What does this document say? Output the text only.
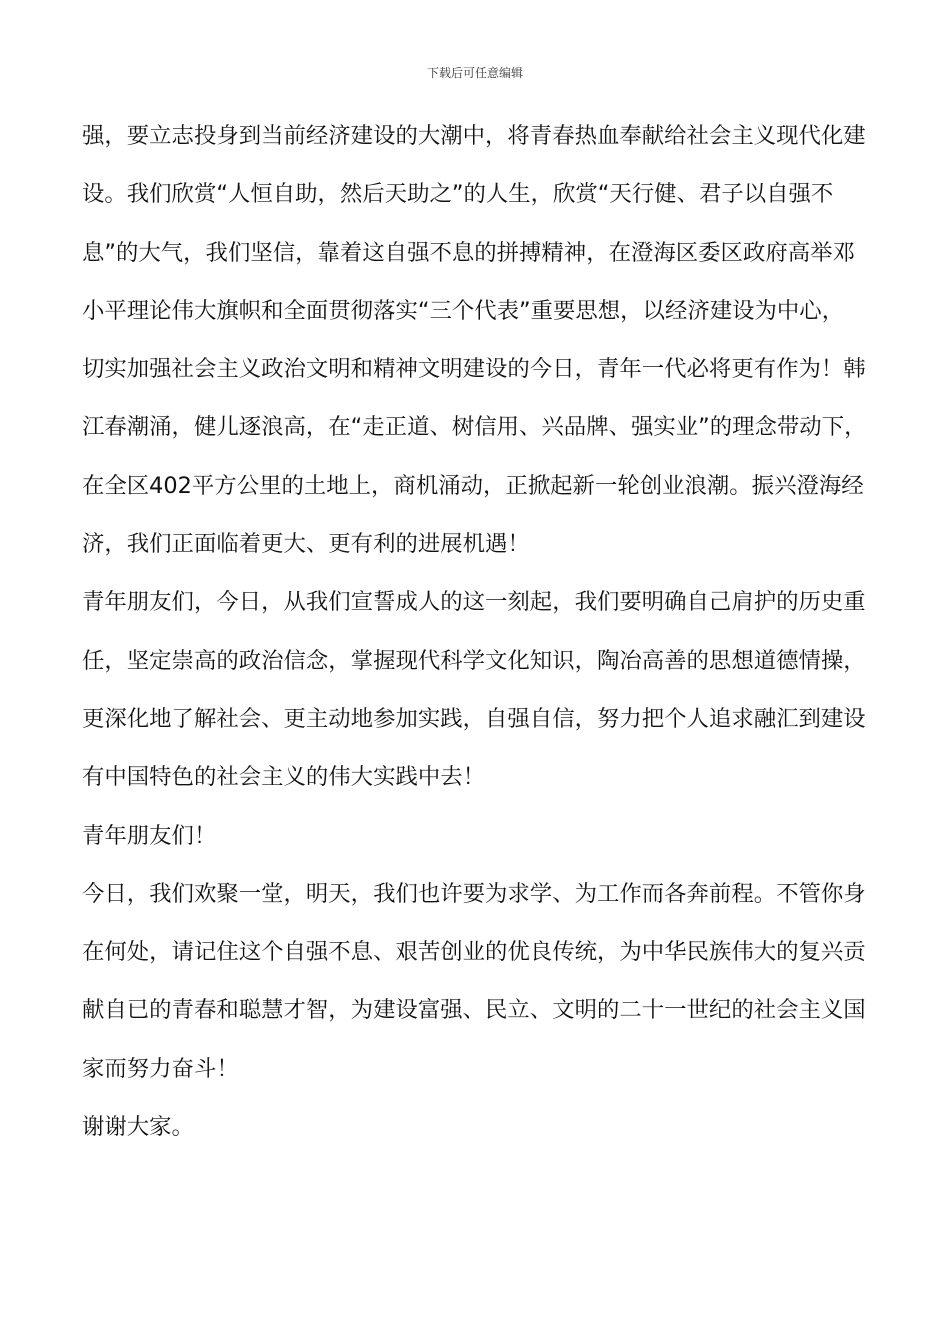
下载后可任意编辑
强，要立志投身到当前经济建设的大潮中，将青春热血奉献给社会主义现代化建
设。我们欣赏“人恒自助，然后天助之”的人生，欣赏“天行健、君子以自强不
息”的大气，我们坚信，靠着这自强不息的拼搏精神，在澄海区委区政府高举邓
小平理论伟大旗帜和全面贯彻落实“三个代表”重要思想，以经济建设为中心，
切实加强社会主义政治文明和精神文明建设的今日，青年一代必将更有作为！韩
江春潮涌，健儿逐浪高，在“走正道、树信用、兴品牌、强实业”的理念带动下，
在全区402平方公里的土地上，商机涌动，正掀起新一轮创业浪潮。振兴澄海经
济，我们正面临着更大、更有利的进展机遇！
青年朋友们，今日，从我们宣誓成人的这一刻起，我们要明确自己肩护的历史重
任，坚定崇高的政治信念，掌握现代科学文化知识，陶冶高善的思想道德情操，
更深化地了解社会、更主动地参加实践，自强自信，努力把个人追求融汇到建设
有中国特色的社会主义的伟大实践中去！
青年朋友们！
今日，我们欢聚一堂，明天，我们也许要为求学、为工作而各奔前程。不管你身
在何处，请记住这个自强不息、艰苦创业的优良传统，为中华民族伟大的复兴贡
献自已的青春和聪慧才智，为建设富强、民立、文明的二十一世纪的社会主义国
家而努力奋斗！
谢谢大家。
